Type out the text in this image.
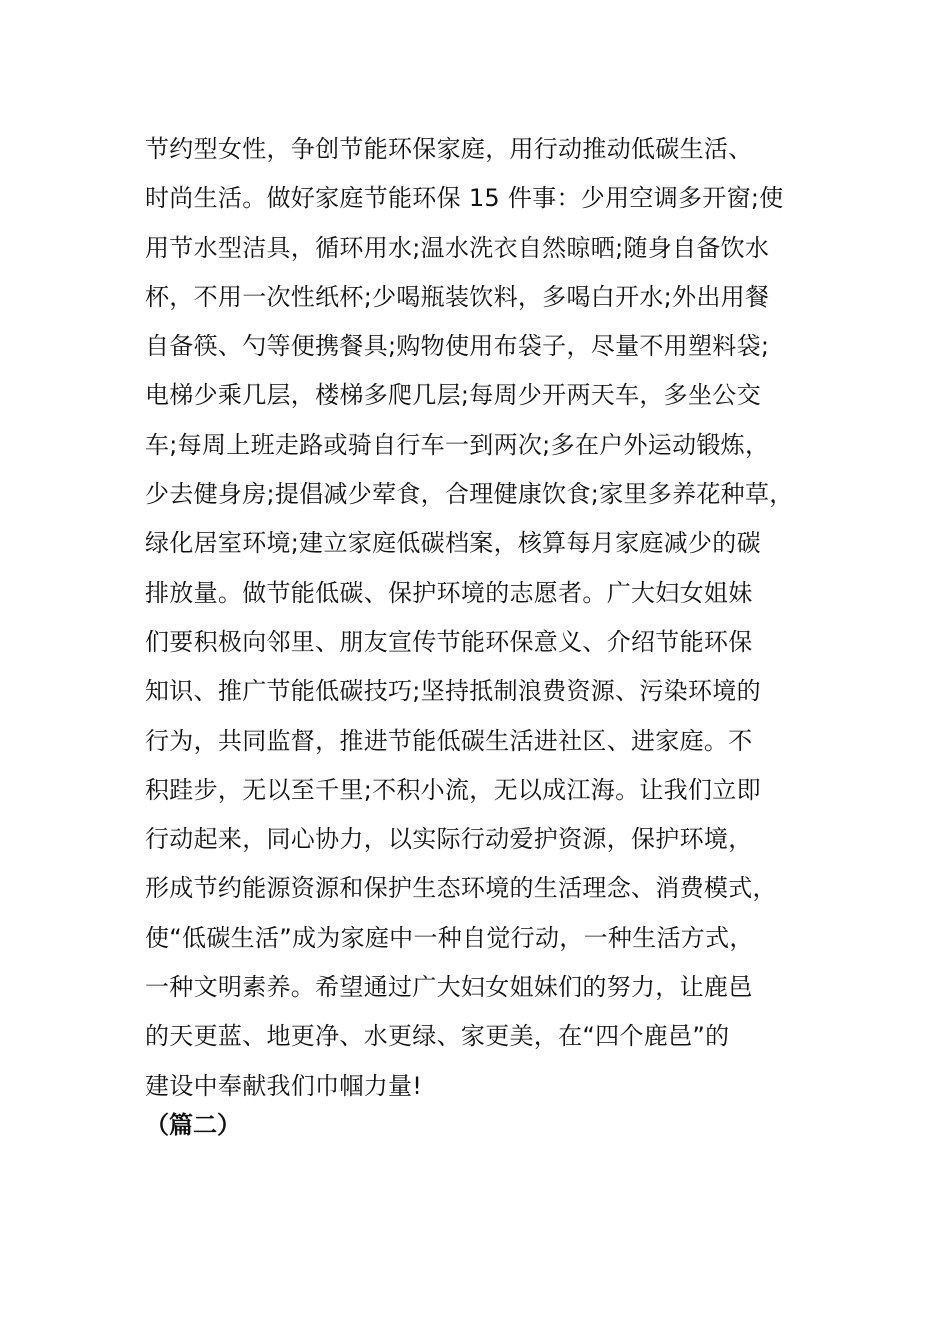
节约型女性，争创节能环保家庭，用行动推动低碳生活、
时尚生活。做好家庭节能环保 15 件事：少用空调多开窗;使
用节水型洁具，循环用水;温水洗衣自然晾晒;随身自备饮水
杯，不用一次性纸杯;少喝瓶装饮料，多喝白开水;外出用餐
自备筷、勺等便携餐具;购物使用布袋子，尽量不用塑料袋;
电梯少乘几层，楼梯多爬几层;每周少开两天车，多坐公交
车;每周上班走路或骑自行车一到两次;多在户外运动锻炼，
少去健身房;提倡减少荤食，合理健康饮食;家里多养花种草，
绿化居室环境;建立家庭低碳档案，核算每月家庭减少的碳
排放量。做节能低碳、保护环境的志愿者。广大妇女姐妹
们要积极向邻里、朋友宣传节能环保意义、介绍节能环保
知识、推广节能低碳技巧;坚持抵制浪费资源、污染环境的
行为，共同监督，推进节能低碳生活进社区、进家庭。不
积跬步，无以至千里;不积小流，无以成江海。让我们立即
行动起来，同心协力，以实际行动爱护资源，保护环境，
形成节约能源资源和保护生态环境的生活理念、消费模式，
使“低碳生活”成为家庭中一种自觉行动，一种生活方式，
一种文明素养。希望通过广大妇女姐妹们的努力，让鹿邑
的天更蓝、地更净、水更绿、家更美，在“四个鹿邑”的
建设中奉献我们巾帼力量!
（篇二）
